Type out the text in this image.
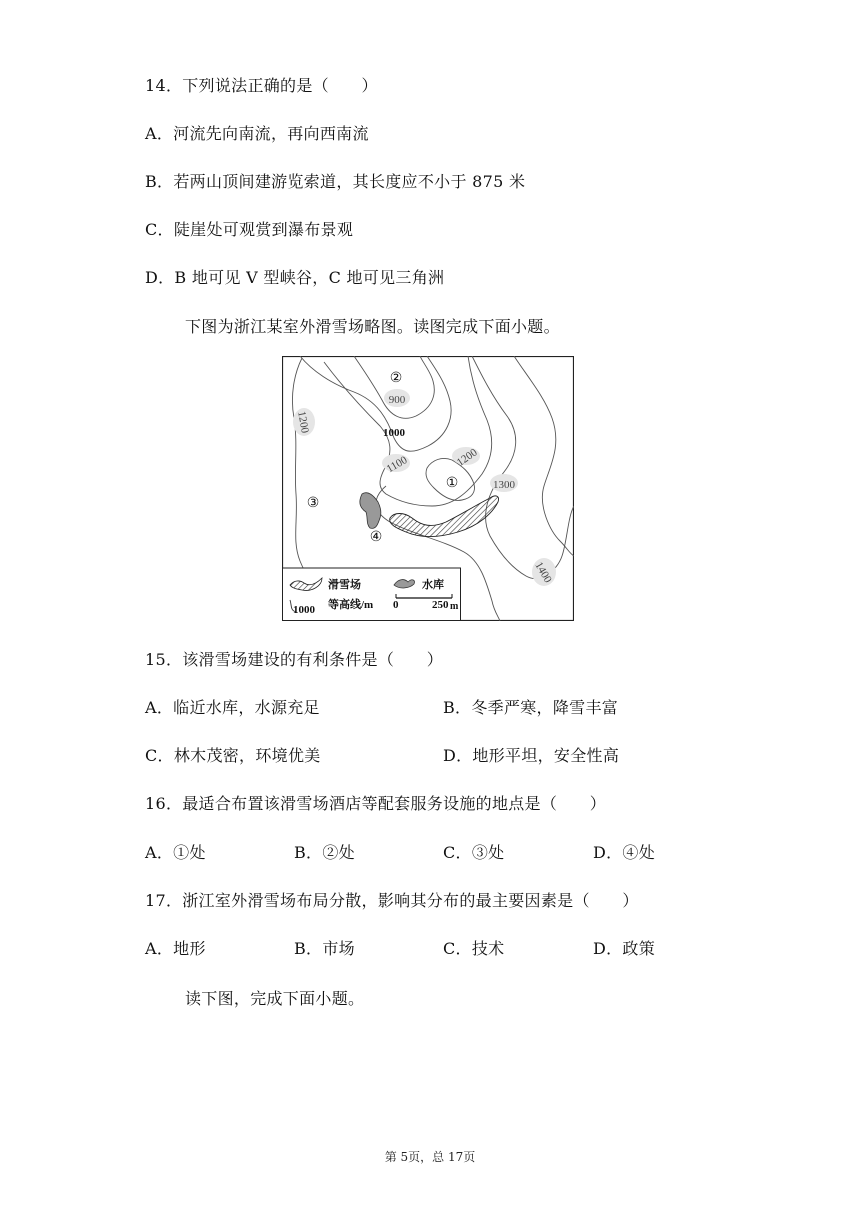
14．下列说法正确的是（　　）
A．河流先向南流，再向西南流
B．若两山顶间建游览索道，其长度应不小于 875 米
C．陡崖处可观赏到瀑布景观
D．B 地可见 V 型峡谷，C 地可见三角洲
下图为浙江某室外滑雪场略图。读图完成下面小题。
900
1000
1100
1200
1200
1300
1400
②
①
③
④
滑雪场	水库
1000 等高线/m 0	250 m
15．该滑雪场建设的有利条件是（　　）
A．临近水库，水源充足	B．冬季严寒，降雪丰富
C．林木茂密，环境优美	D．地形平坦，安全性高
16．最适合布置该滑雪场酒店等配套服务设施的地点是（　　）
A．①处	B．②处	C．③处	D．④处
17．浙江室外滑雪场布局分散，影响其分布的最主要因素是（　　）
A．地形	B．市场	C．技术	D．政策
读下图，完成下面小题。
第 5页，总 17页
